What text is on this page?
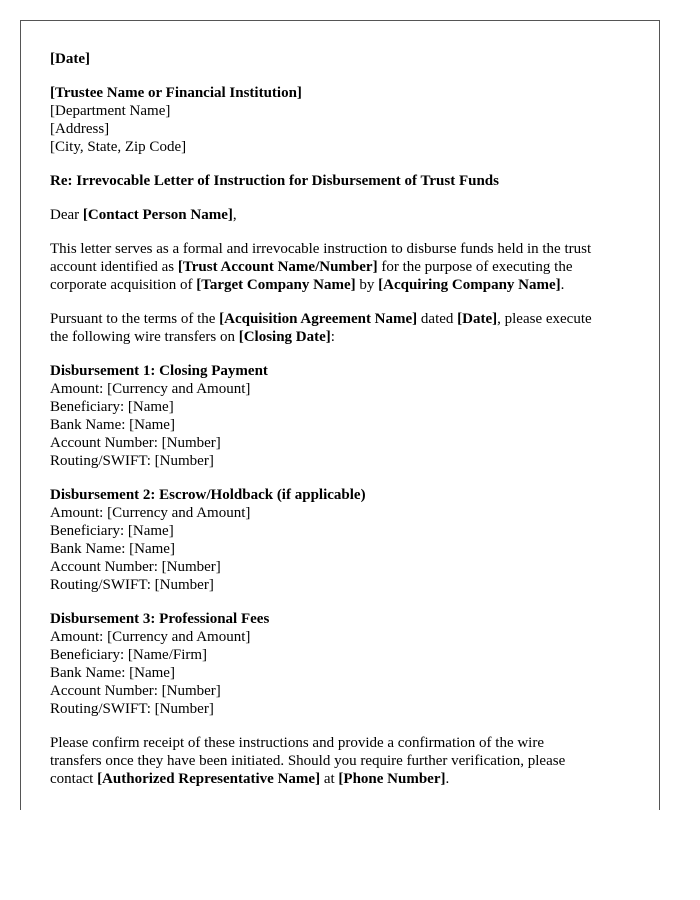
[Date]
[Trustee Name or Financial Institution]
[Department Name]
[Address]
[City, State, Zip Code]
Re: Irrevocable Letter of Instruction for Disbursement of Trust Funds
Dear [Contact Person Name],
This letter serves as a formal and irrevocable instruction to disburse funds held in the trust
account identified as [Trust Account Name/Number] for the purpose of executing the
corporate acquisition of [Target Company Name] by [Acquiring Company Name].
Pursuant to the terms of the [Acquisition Agreement Name] dated [Date], please execute
the following wire transfers on [Closing Date]:
Disbursement 1: Closing Payment
Amount: [Currency and Amount]
Beneficiary: [Name]
Bank Name: [Name]
Account Number: [Number]
Routing/SWIFT: [Number]
Disbursement 2: Escrow/Holdback (if applicable)
Amount: [Currency and Amount]
Beneficiary: [Name]
Bank Name: [Name]
Account Number: [Number]
Routing/SWIFT: [Number]
Disbursement 3: Professional Fees
Amount: [Currency and Amount]
Beneficiary: [Name/Firm]
Bank Name: [Name]
Account Number: [Number]
Routing/SWIFT: [Number]
Please confirm receipt of these instructions and provide a confirmation of the wire
transfers once they have been initiated. Should you require further verification, please
contact [Authorized Representative Name] at [Phone Number].
